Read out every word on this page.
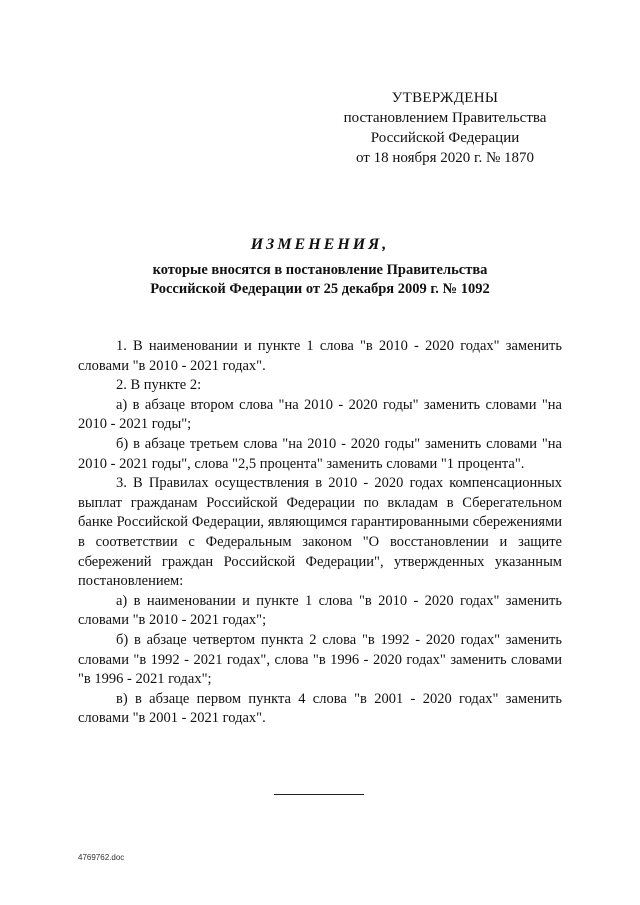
УТВЕРЖДЕНЫ
постановлением Правительства
Российской Федерации
от 18 ноября 2020 г. № 1870
ИЗМЕНЕНИЯ,
которые вносятся в постановление Правительства
Российской Федерации от 25 декабря 2009 г. № 1092

1. В наименовании и пункте 1 слова "в 2010 - 2020 годах" заменить словами "в 2010 - 2021 годах".

2. В пункте 2:

а) в абзаце втором слова "на 2010 - 2020 годы" заменить словами "на 2010 - 2021 годы";

б) в абзаце третьем слова "на 2010 - 2020 годы" заменить словами "на 2010 - 2021 годы", слова "2,5 процента" заменить словами "1 процента".

3. В Правилах осуществления в 2010 - 2020 годах компенсационных выплат гражданам Российской Федерации по вкладам в Сберегательном банке Российской Федерации, являющимся гарантированными сбережениями в соответствии с Федеральным законом "О восстановлении и защите сбережений граждан Российской Федерации", утвержденных указанным постановлением:

а) в наименовании и пункте 1 слова "в 2010 - 2020 годах" заменить словами "в 2010 - 2021 годах";

б) в абзаце четвертом пункта 2 слова "в 1992 - 2020 годах" заменить словами "в 1992 - 2021 годах", слова "в 1996 - 2020 годах" заменить словами "в 1996 - 2021 годах";

в) в абзаце первом пункта 4 слова "в 2001 - 2020 годах" заменить словами "в 2001 - 2021 годах".

4769762.doc
